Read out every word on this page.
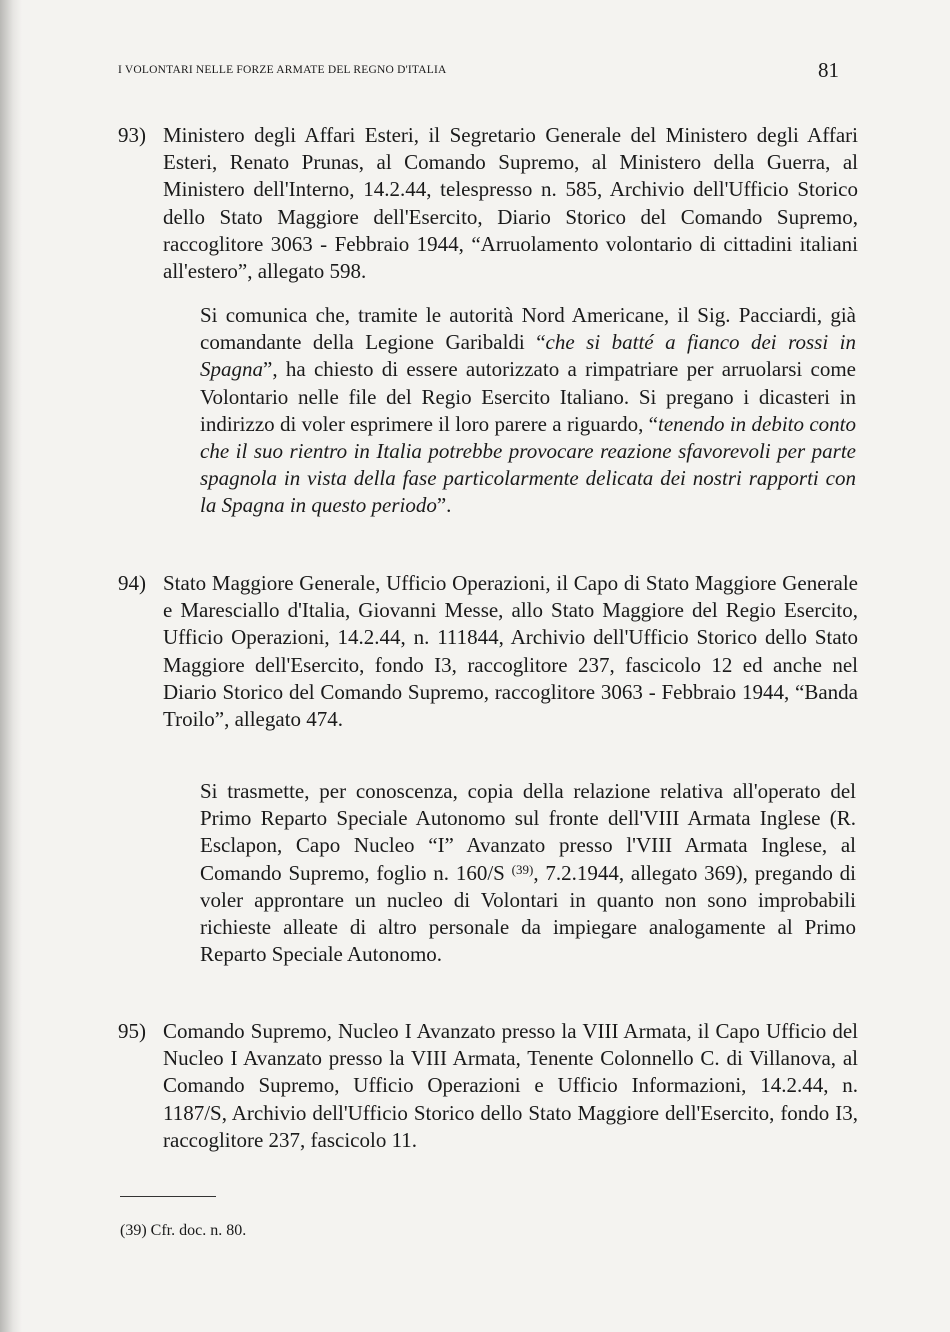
I VOLONTARI NELLE FORZE ARMATE DEL REGNO D'ITALIA	81
93) Ministero degli Affari Esteri, il Segretario Generale del Ministero degli Affari Esteri, Renato Prunas, al Comando Supremo, al Ministero della Guerra, al Ministero dell'Interno, 14.2.44, telespresso n. 585, Archivio dell'Ufficio Storico dello Stato Maggiore dell'Esercito, Diario Storico del Comando Supremo, raccoglitore 3063 - Febbraio 1944, “Arruolamento volontario di cittadini italiani all'estero”, allegato 598.
Si comunica che, tramite le autorità Nord Americane, il Sig. Pacciardi, già comandante della Legione Garibaldi “che si batté a fianco dei rossi in Spagna”, ha chiesto di essere autorizzato a rimpatriare per arruolarsi come Volontario nelle file del Regio Esercito Italiano. Si pregano i dicasteri in indirizzo di voler esprimere il loro parere a riguardo, “tenendo in debito conto che il suo rientro in Italia potrebbe provocare reazione sfavorevoli per parte spagnola in vista della fase particolarmente delicata dei nostri rapporti con la Spagna in questo periodo”.
94) Stato Maggiore Generale, Ufficio Operazioni, il Capo di Stato Maggiore Generale e Maresciallo d'Italia, Giovanni Messe, allo Stato Maggiore del Regio Esercito, Ufficio Operazioni, 14.2.44, n. 111844, Archivio dell'Ufficio Storico dello Stato Maggiore dell'Esercito, fondo I3, raccoglitore 237, fascicolo 12 ed anche nel Diario Storico del Comando Supremo, raccoglitore 3063 - Febbraio 1944, “Banda Troilo”, allegato 474.
Si trasmette, per conoscenza, copia della relazione relativa all'operato del Primo Reparto Speciale Autonomo sul fronte dell'VIII Armata Inglese (R. Esclapon, Capo Nucleo “I” Avanzato presso l'VIII Armata Inglese, al Comando Supremo, foglio n. 160/S $^{(39)}$, 7.2.1944, allegato 369), pregando di voler approntare un nucleo di Volontari in quanto non sono improbabili richieste alleate di altro personale da impiegare analogamente al Primo Reparto Speciale Autonomo.
95) Comando Supremo, Nucleo I Avanzato presso la VIII Armata, il Capo Ufficio del Nucleo I Avanzato presso la VIII Armata, Tenente Colonnello C. di Villanova, al Comando Supremo, Ufficio Operazioni e Ufficio Informazioni, 14.2.44, n. 1187/S, Archivio dell'Ufficio Storico dello Stato Maggiore dell'Esercito, fondo I3, raccoglitore 237, fascicolo 11.
(39) Cfr. doc. n. 80.
